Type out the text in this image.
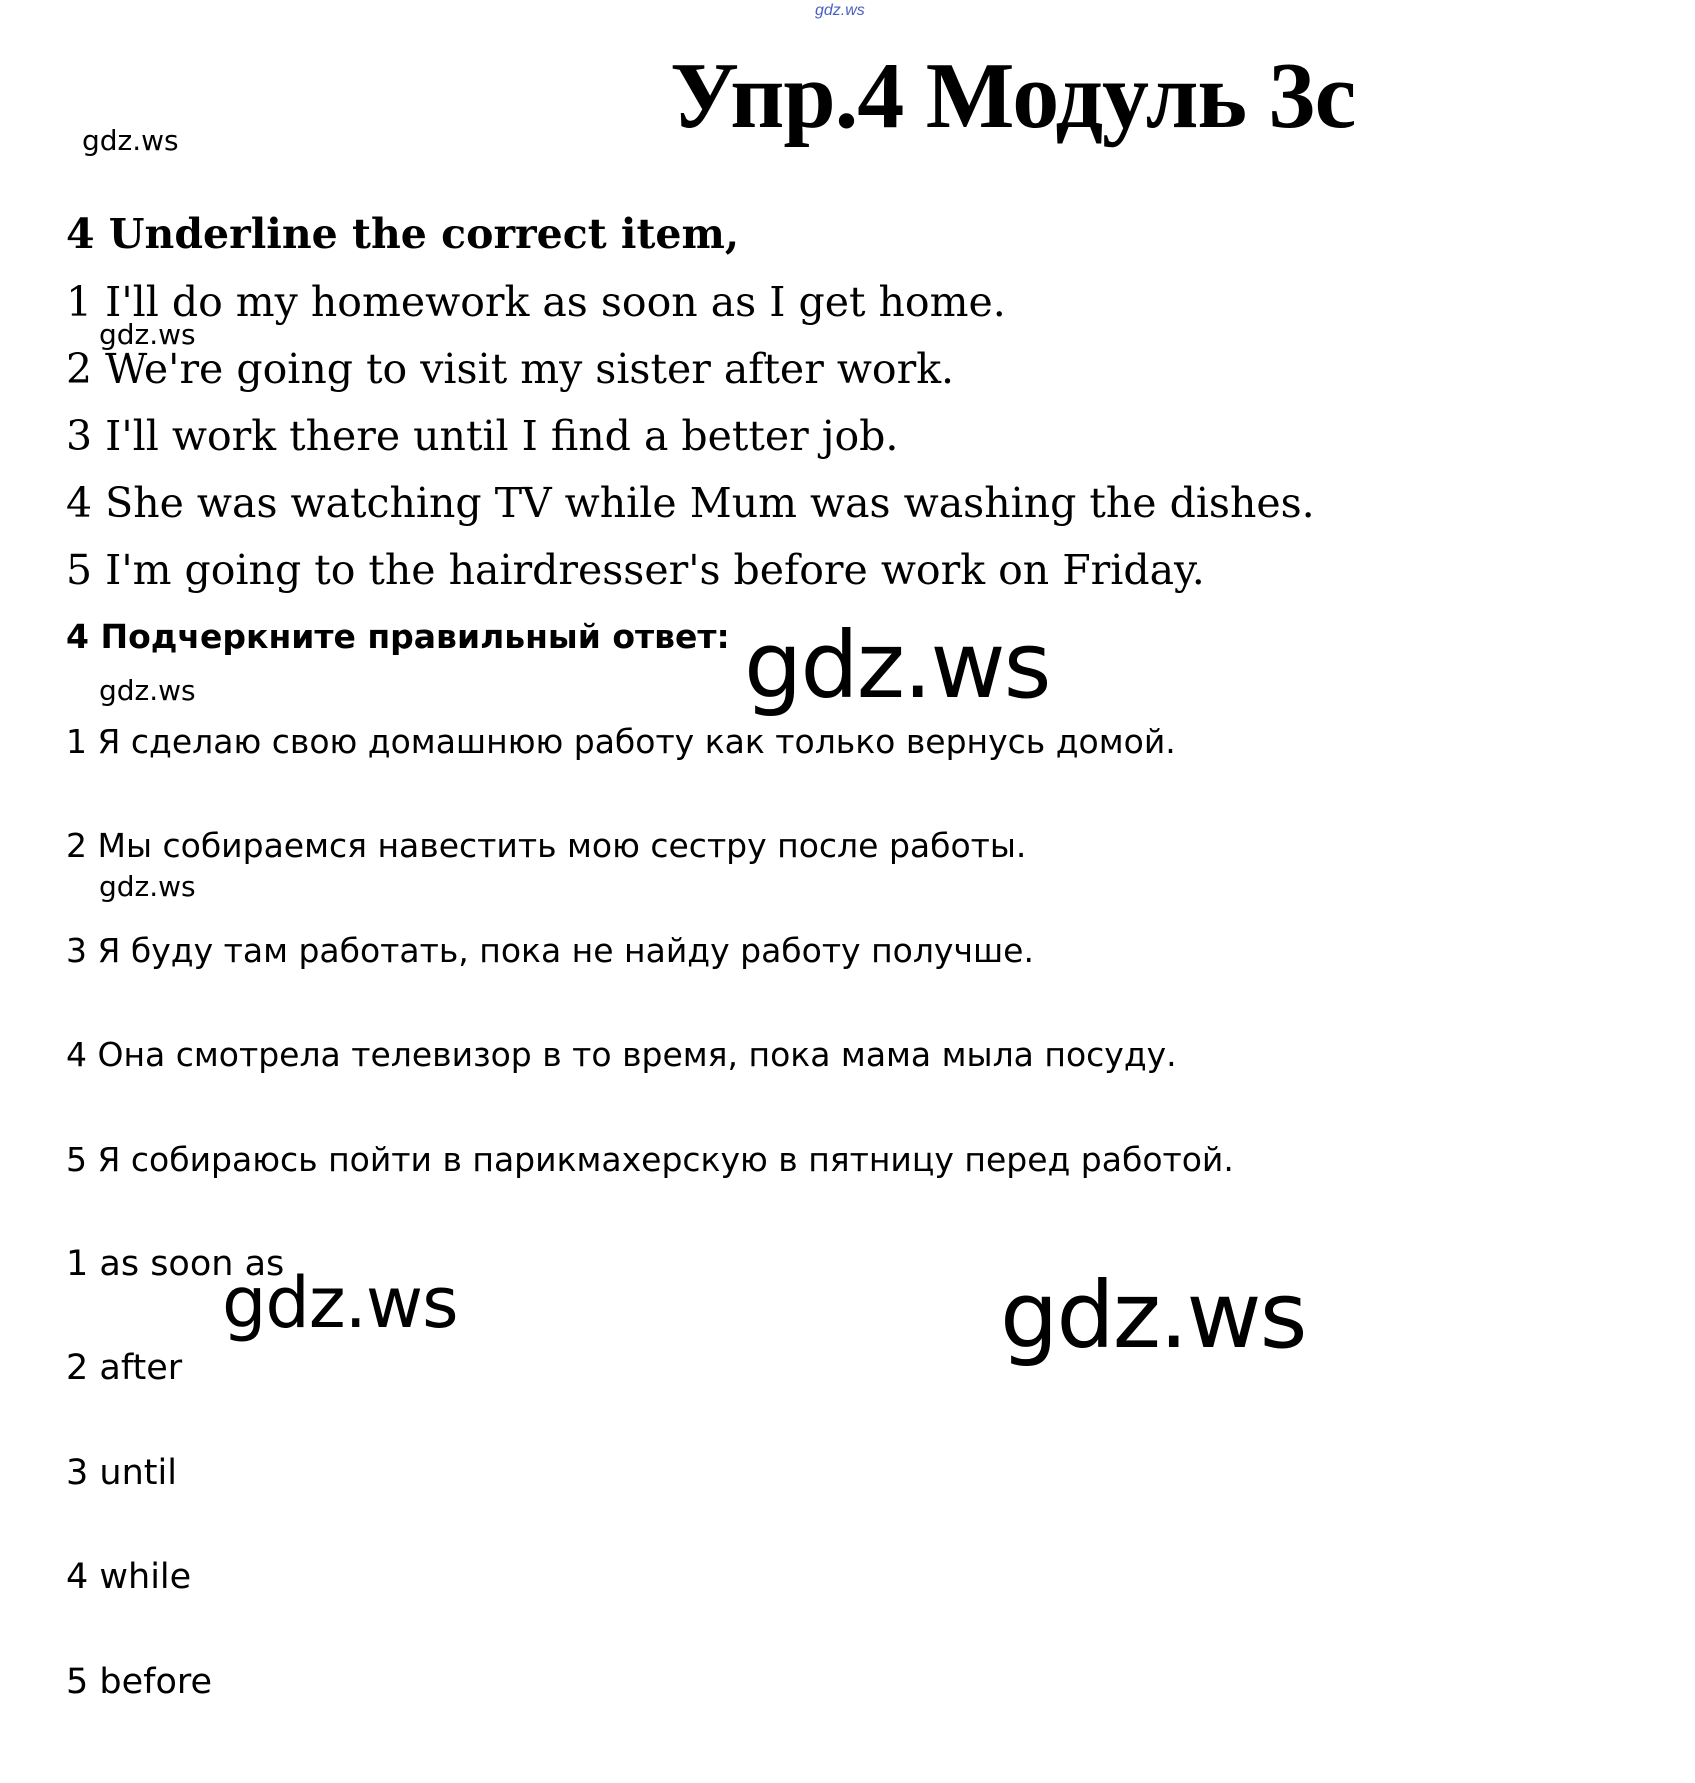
gdz.ws
gdz.ws	Упр.4 Модуль 3с
4 Underline the correct item,
1 I'll do my homework as soon as I get home.
gdz.ws
2 We're going to visit my sister after work.
3 I'll work there until I find a better job.
4 She was watching TV while Mum was washing the dishes.
5 I'm going to the hairdresser's before work on Friday.
4 Подчеркните правильный ответ: gdz.ws
gdz.ws
1 Я сделаю свою домашнюю работу как только вернусь домой.
2 Мы собираемся навестить мою сестру после работы.
gdz.ws
3 Я буду там работать, пока не найду работу получше.
4 Она смотрела телевизор в то время, пока мама мыла посуду.
5 Я собираюсь пойти в парикмахерскую в пятницу перед работой.
1 as soon as
gdz.ws	gdz.ws
2 after
3 until
4 while
5 before
